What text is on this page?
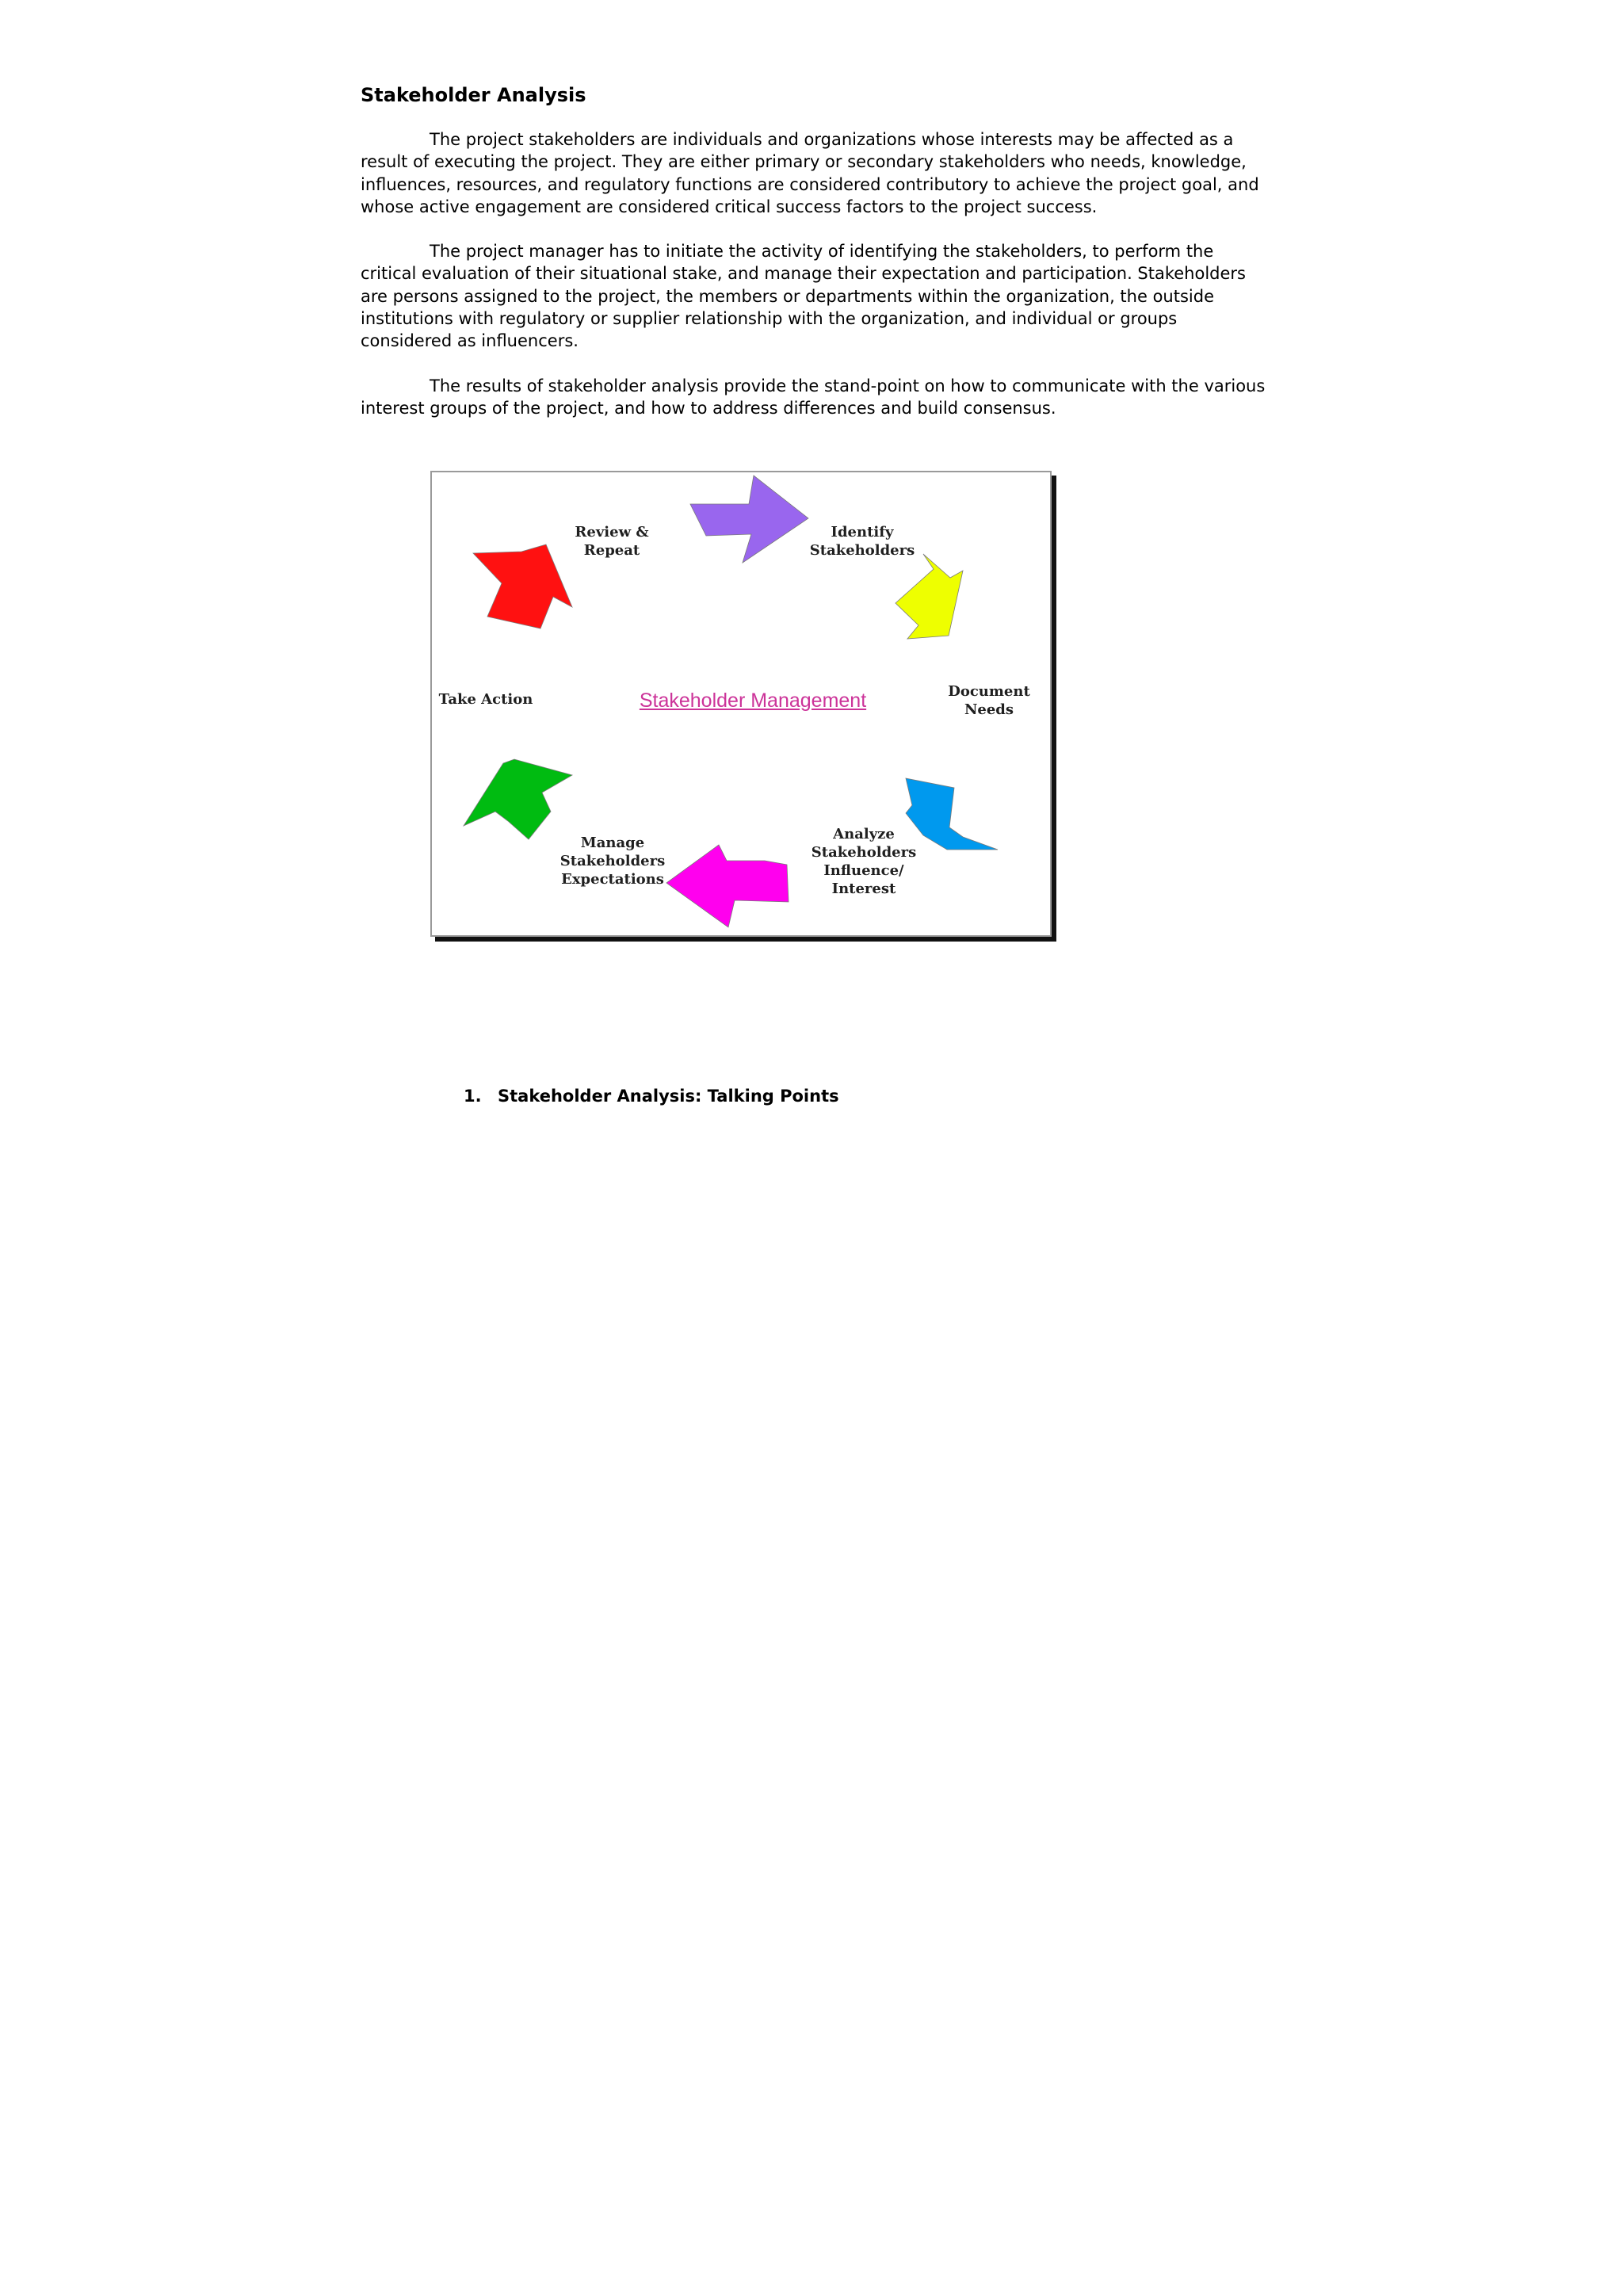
Stakeholder Analysis

The project stakeholders are individuals and organizations whose interests may be affected as a result of executing the project. They are either primary or secondary stakeholders who needs, knowledge, influences, resources, and regulatory functions are considered contributory to achieve the project goal, and whose active engagement are considered critical success factors to the project success.

The project manager has to initiate the activity of identifying the stakeholders, to perform the critical evaluation of their situational stake, and manage their expectation and participation. Stakeholders are persons assigned to the project, the members or departments within the organization, the outside institutions with regulatory or supplier relationship with the organization, and individual or groups considered as influencers.

The results of stakeholder analysis provide the stand-point on how to communicate with the various interest groups of the project, and how to address differences and build consensus.

Identify
Stakeholders
Document
Needs
Analyze
Stakeholders
Influence/
Interest
Manage
Stakeholders
Expectations
Take Action
Review &
Repeat
Stakeholder Management
1. Stakeholder Analysis: Talking Points
